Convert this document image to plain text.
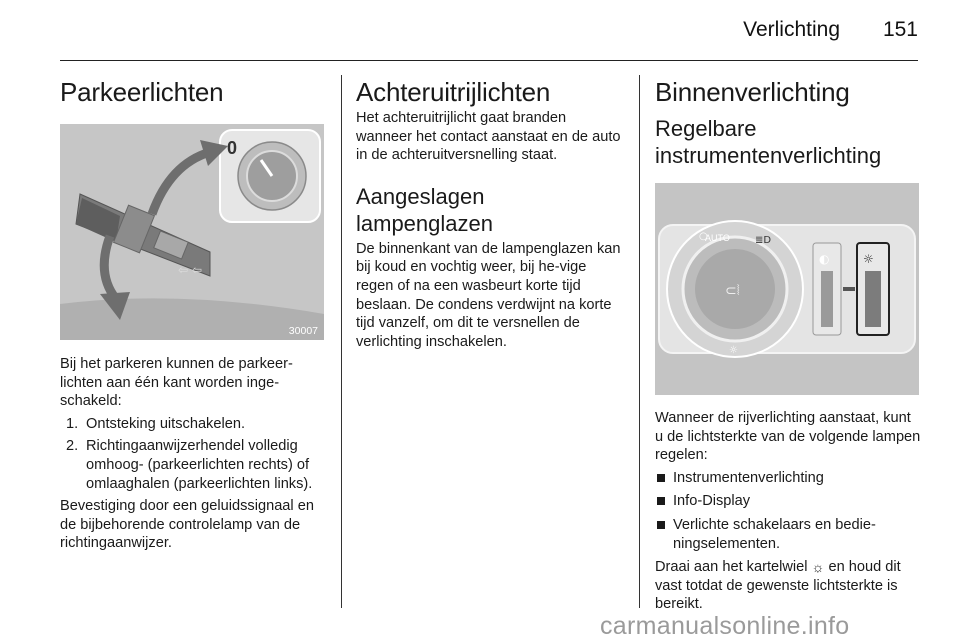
Verlichting 151
Parkeerlichten
0
⇦ ⇦
30007

Bij het parkeren kunnen de parkeer-lichten aan één kant worden inge-schakeld:

1. Ontsteking uitschakelen.
2. Richtingaanwijzerhendel volledig omhoog- (parkeerlichten rechts) of omlaaghalen (parkeerlichten links).

Bevestiging door een geluidssignaal en de bijbehorende controlelamp van de richtingaanwijzer.

Achteruitrijlichten

Het achteruitrijlicht gaat branden wanneer het contact aanstaat en de auto in de achteruitversnelling staat.

Aangeslagen lampenglazen

De binnenkant van de lampenglazen kan bij koud en vochtig weer, bij he-vige regen of na een wasbeurt korte tijd beslaan. De condens verdwijnt na korte tijd vanzelf, om dit te versnellen de verlichting inschakelen.

Binnenverlichting
Regelbare instrumentenverlichting
⊂⦚
○	≣D
☼
◐	☼
AUTO

Wanneer de rijverlichting aanstaat, kunt u de lichtsterkte van de volgende lampen regelen:

Instrumentenverlichting
Info-Display
Verlichte schakelaars en bedie-ningselementen.

Draai aan het kartelwiel ☼ en houd dit vast totdat de gewenste lichtsterkte is bereikt.

carmanualsonline.info
